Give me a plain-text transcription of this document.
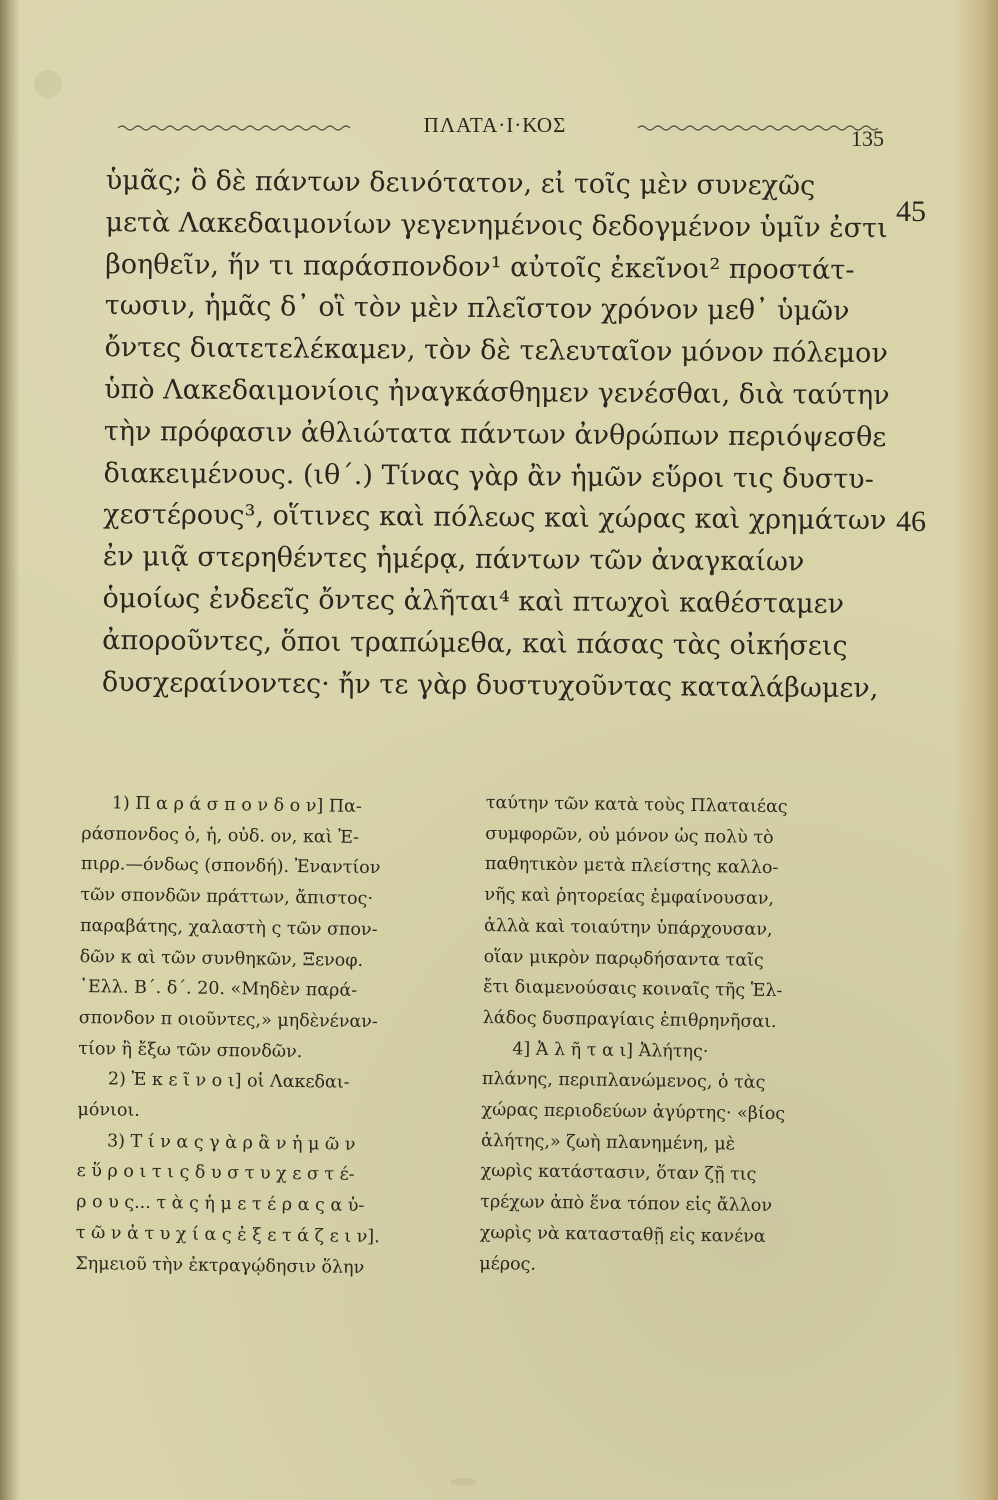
ΠΛΑΤΑ·Ι·ΚΟΣ
135
ὑμᾶς; ὃ δὲ πάντων δεινότατον, εἰ τοῖς μὲν συνεχῶς
μετὰ Λακεδαιμονίων γεγενημένοις δεδογμένον ὑμῖν ἐστι
βοηθεῖν, ἥν τι παράσπονδον¹ αὐτοῖς ἐκεῖνοι² προστάτ-
τωσιν, ἡμᾶς δ᾽ οἳ τὸν μὲν πλεῖστον χρόνον μεθ᾽ ὑμῶν
ὄντες διατετελέκαμεν, τὸν δὲ τελευταῖον μόνον πόλεμον
ὑπὸ Λακεδαιμονίοις ἠναγκάσθημεν γενέσθαι, διὰ ταύτην
τὴν πρόφασιν ἀθλιώτατα πάντων ἀνθρώπων περιόψεσθε
διακειμένους. (ιθ΄.) Τίνας γὰρ ἂν ἡμῶν εὕροι τις δυστυ-
χεστέρους³, οἵτινες καὶ πόλεως καὶ χώρας καὶ χρημάτων
ἐν μιᾷ στερηθέντες ἡμέρᾳ, πάντων τῶν ἀναγκαίων
ὁμοίως ἐνδεεῖς ὄντες ἀλῆται⁴ καὶ πτωχοὶ καθέσταμεν
ἀποροῦντες, ὅποι τραπώμεθα, καὶ πάσας τὰς οἰκήσεις
δυσχεραίνοντες· ἤν τε γὰρ δυστυχοῦντας καταλάβωμεν,
45
46
1) Π α ρ ά σ π ο ν δ ο ν] Πα-
ράσπονδος ὁ, ἡ, οὐδ. ον, καὶ Ἐ-
πιρρ.—όνδως (σπονδή). Ἐναντίον
τῶν σπονδῶν πράττων, ἄπιστος·
παραβάτης, χαλαστὴ ς τῶν σπον-
δῶν κ αὶ τῶν συνθηκῶν, Ξενοφ.
῾Ελλ. Β΄. δ΄. 20. «Μηδὲν παρά-
σπονδον π οιοῦντες,» μηδὲνέναν-
τίον ἢ ἔξω τῶν σπονδῶν.
2) Ἐ κ ε ῖ ν ο ι] οἱ Λακεδαι-
μόνιοι.
3) Τ ί ν α ς γ ὰ ρ ἂ ν ἡ μ ῶ ν
ε ὕ ρ ο ι τ ι ς δ υ σ τ υ χ ε σ τ έ-
ρ ο υ ς... τ ὰ ς ἡ μ ε τ έ ρ α ς α ὐ-
τ ῶ ν ἀ τ υ χ ί α ς ἐ ξ ε τ ά ζ ε ι ν].
Σημειοῦ τὴν ἐκτραγῴδησιν ὅλην
ταύτην τῶν κατὰ τοὺς Πλαταιέας
συμφορῶν, οὐ μόνον ὡς πολὺ τὸ
παθητικὸν μετὰ πλείστης καλλο-
νῆς καὶ ῥητορείας ἐμφαίνουσαν,
ἀλλὰ καὶ τοιαύτην ὑπάρχουσαν,
οἵαν μικρὸν παρῳδήσαντα ταῖς
ἔτι διαμενούσαις κοιναῖς τῆς Ἑλ-
λάδος δυσπραγίαις ἐπιθρηνῆσαι.
4] Ἀ λ ῆ τ α ι] Ἀλήτης·
πλάνης, περιπλανώμενος, ὁ τὰς
χώρας περιοδεύων ἀγύρτης· «βίος
ἀλήτης,» ζωὴ πλανημένη, μὲ
χωρὶς κατάστασιν, ὅταν ζῇ τις
τρέχων ἀπὸ ἕνα τόπον εἰς ἄλλον
χωρὶς νὰ κατασταθῇ εἰς κανένα
μέρος.
